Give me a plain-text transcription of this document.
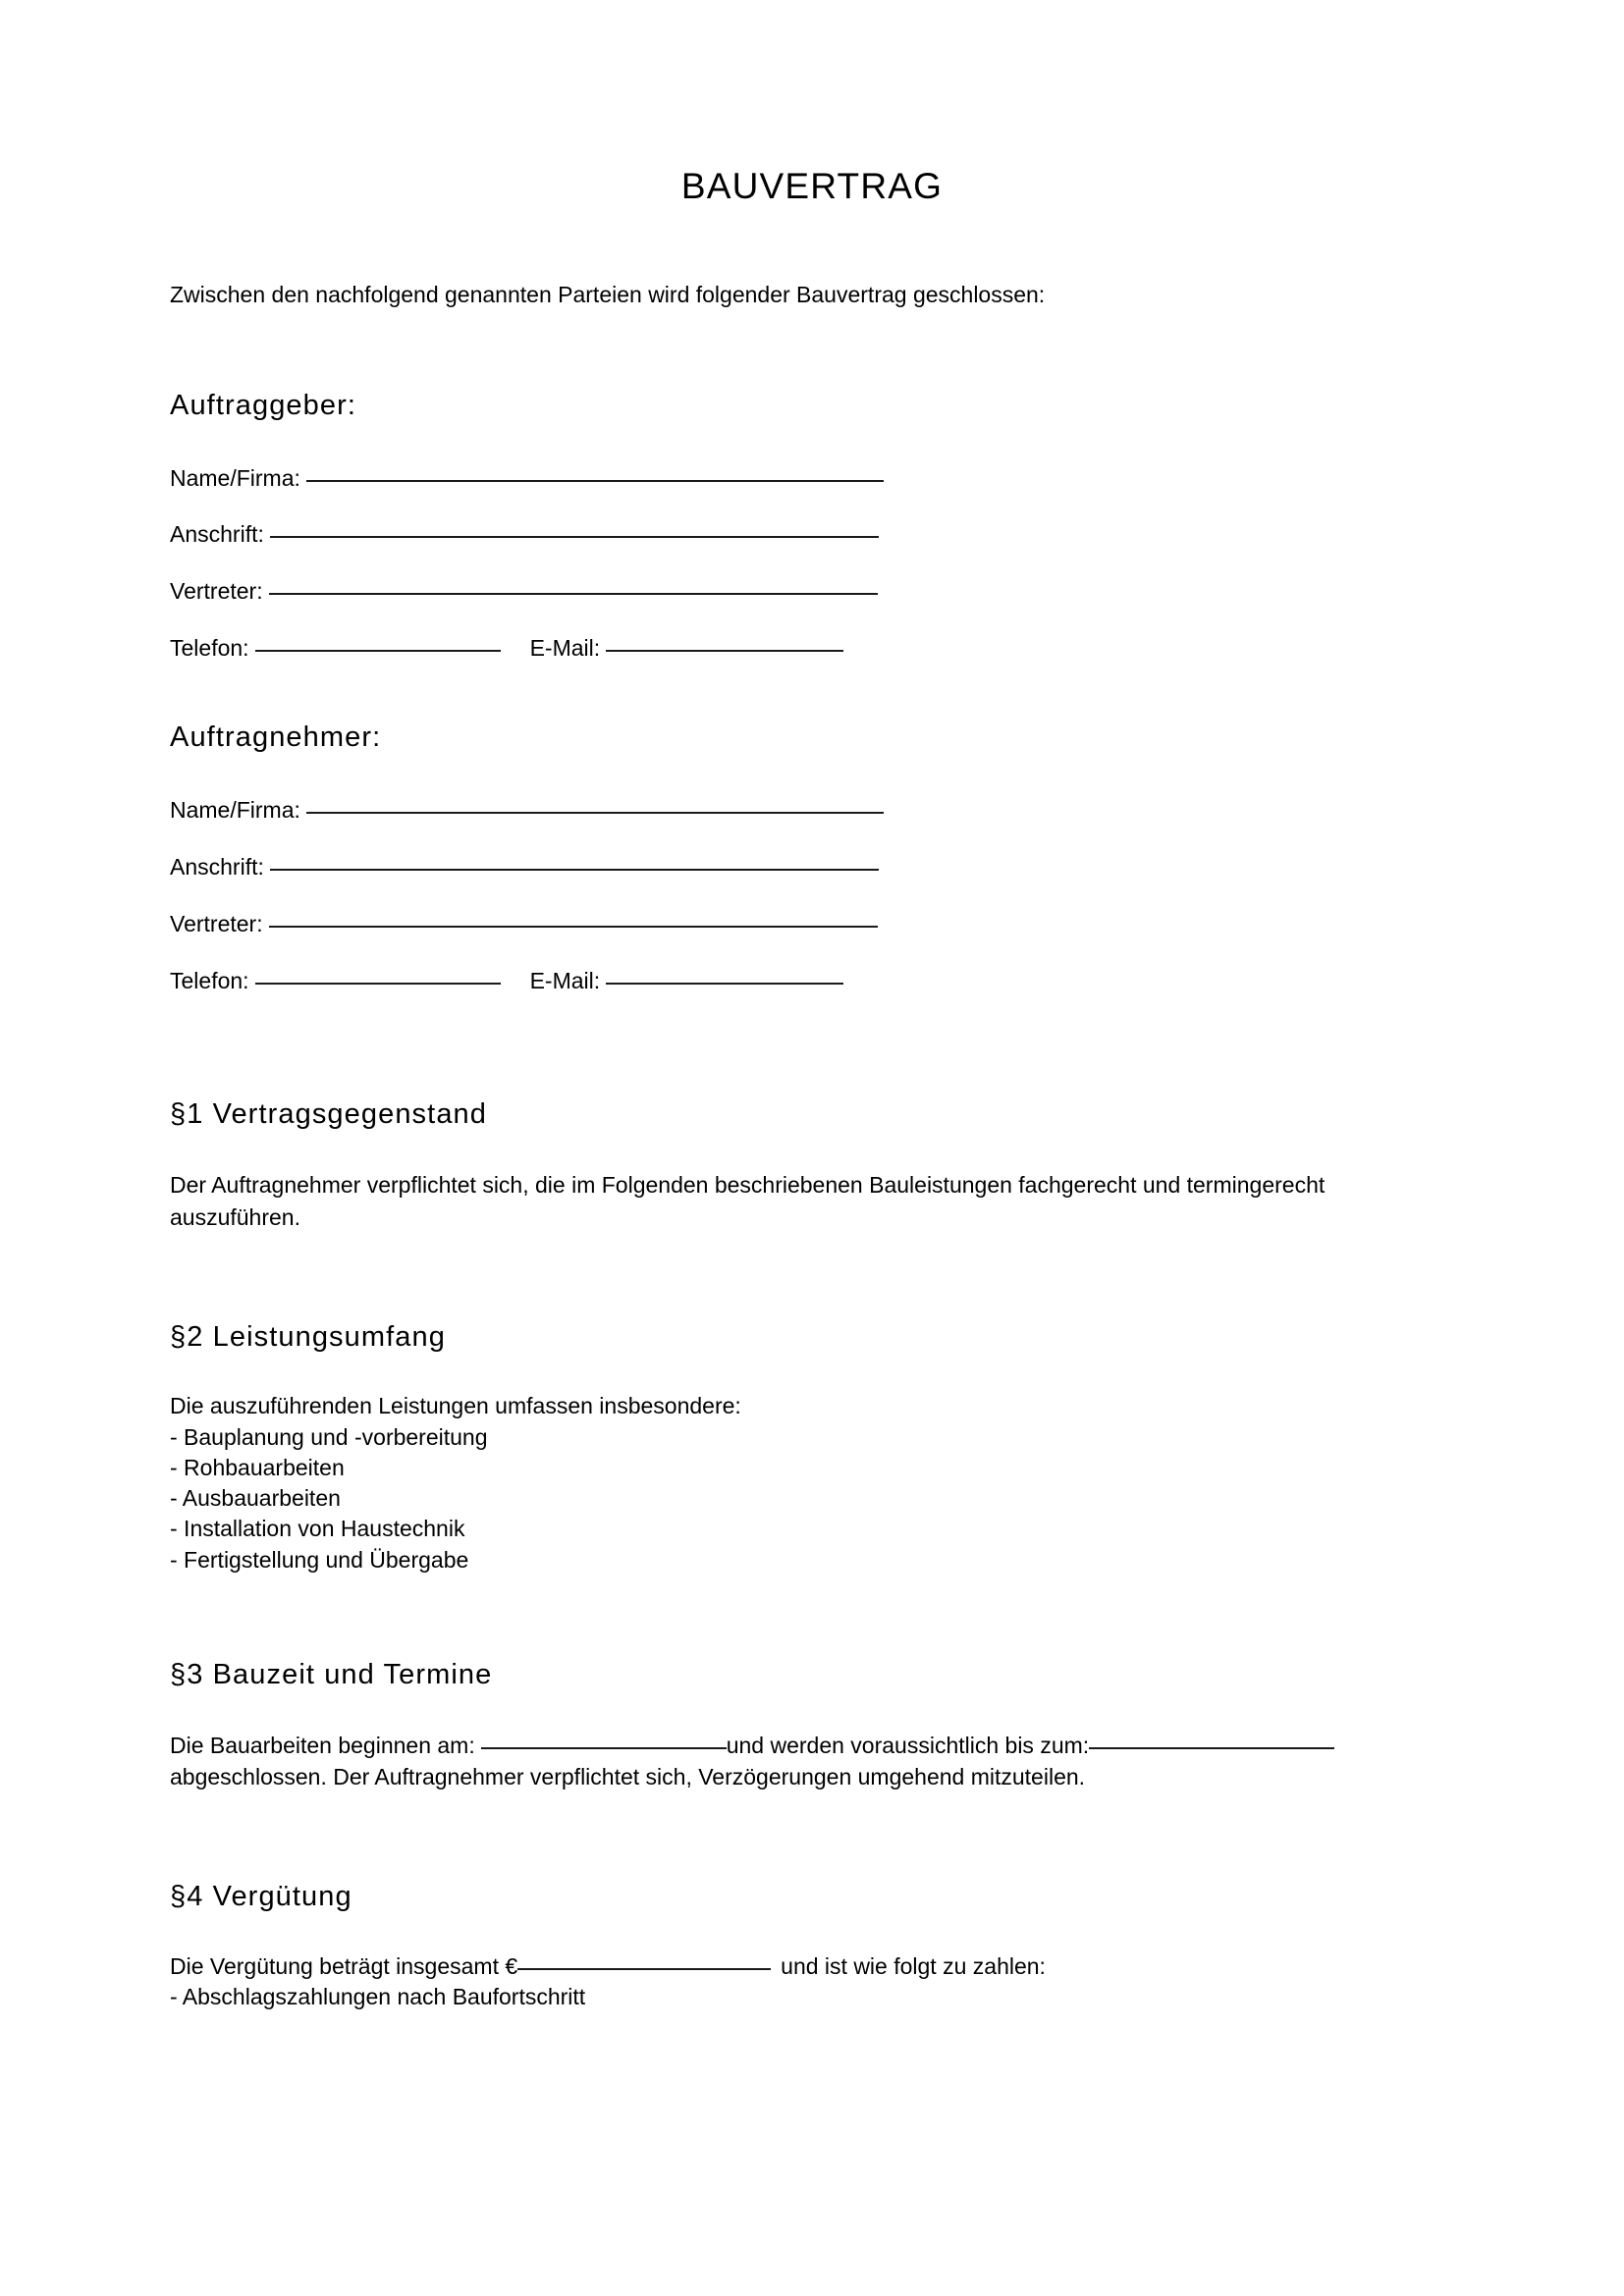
BAUVERTRAG

Zwischen den nachfolgend genannten Parteien wird folgender Bauvertrag geschlossen:

Auftraggeber:
Name/Firma:
Anschrift:
Vertreter:
Telefon:	E-Mail:
Auftragnehmer:
Name/Firma:
Anschrift:
Vertreter:
Telefon:	E-Mail:
§1 Vertragsgegenstand

Der Auftragnehmer verpflichtet sich, die im Folgenden beschriebenen Bauleistungen fachgerecht und termingerecht auszuführen.

§2 Leistungsumfang
Die auszuführenden Leistungen umfassen insbesondere:
- Bauplanung und -vorbereitung
- Rohbauarbeiten
- Ausbauarbeiten
- Installation von Haustechnik
- Fertigstellung und Übergabe
§3 Bauzeit und Termine

Die Bauarbeiten beginnen am:	und werden voraussichtlich bis zum:abgeschlossen. Der Auftragnehmer verpflichtet sich, Verzögerungen umgehend mitzuteilen.

§4 Vergütung
Die Vergütung beträgt insgesamt €	und ist wie folgt zu zahlen:
- Abschlagszahlungen nach Baufortschritt
